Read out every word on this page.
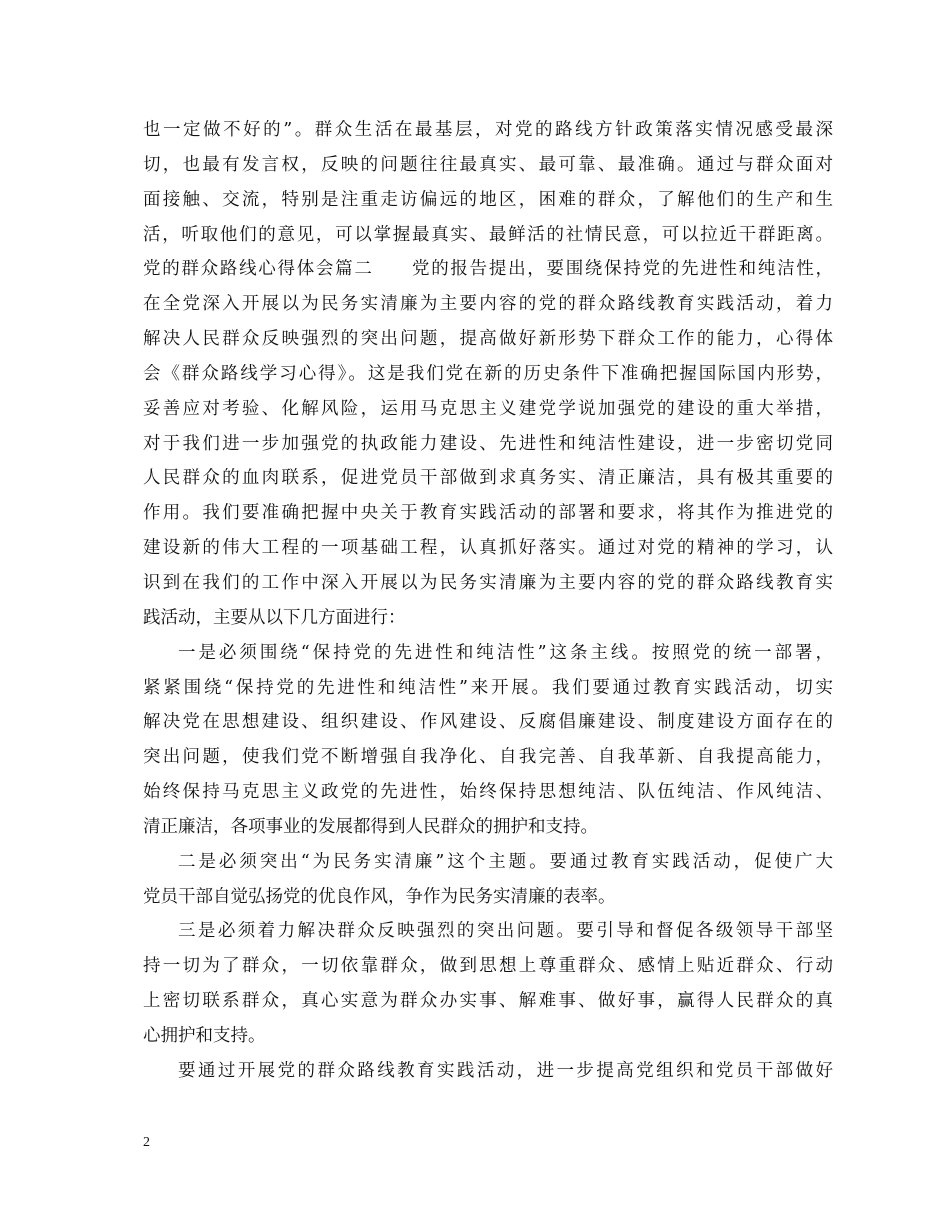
也一定做不好的”。群众生活在最基层，对党的路线方针政策落实情况感受最深
切，也最有发言权，反映的问题往往最真实、最可靠、最准确。通过与群众面对
面接触、交流，特别是注重走访偏远的地区，困难的群众，了解他们的生产和生
活，听取他们的意见，可以掌握最真实、最鲜活的社情民意，可以拉近干群距离。
党的群众路线心得体会篇二　　党的报告提出，要围绕保持党的先进性和纯洁性，
在全党深入开展以为民务实清廉为主要内容的党的群众路线教育实践活动，着力
解决人民群众反映强烈的突出问题，提高做好新形势下群众工作的能力，心得体
会《群众路线学习心得》。这是我们党在新的历史条件下准确把握国际国内形势，
妥善应对考验、化解风险，运用马克思主义建党学说加强党的建设的重大举措，
对于我们进一步加强党的执政能力建设、先进性和纯洁性建设，进一步密切党同
人民群众的血肉联系，促进党员干部做到求真务实、清正廉洁，具有极其重要的
作用。我们要准确把握中央关于教育实践活动的部署和要求，将其作为推进党的
建设新的伟大工程的一项基础工程，认真抓好落实。通过对党的精神的学习，认
识到在我们的工作中深入开展以为民务实清廉为主要内容的党的群众路线教育实
践活动，主要从以下几方面进行：
一是必须围绕“保持党的先进性和纯洁性”这条主线。按照党的统一部署，
紧紧围绕“保持党的先进性和纯洁性”来开展。我们要通过教育实践活动，切实
解决党在思想建设、组织建设、作风建设、反腐倡廉建设、制度建设方面存在的
突出问题，使我们党不断增强自我净化、自我完善、自我革新、自我提高能力，
始终保持马克思主义政党的先进性，始终保持思想纯洁、队伍纯洁、作风纯洁、
清正廉洁，各项事业的发展都得到人民群众的拥护和支持。
二是必须突出“为民务实清廉”这个主题。要通过教育实践活动，促使广大
党员干部自觉弘扬党的优良作风，争作为民务实清廉的表率。
三是必须着力解决群众反映强烈的突出问题。要引导和督促各级领导干部坚
持一切为了群众，一切依靠群众，做到思想上尊重群众、感情上贴近群众、行动
上密切联系群众，真心实意为群众办实事、解难事、做好事，赢得人民群众的真
心拥护和支持。
要通过开展党的群众路线教育实践活动，进一步提高党组织和党员干部做好
2
